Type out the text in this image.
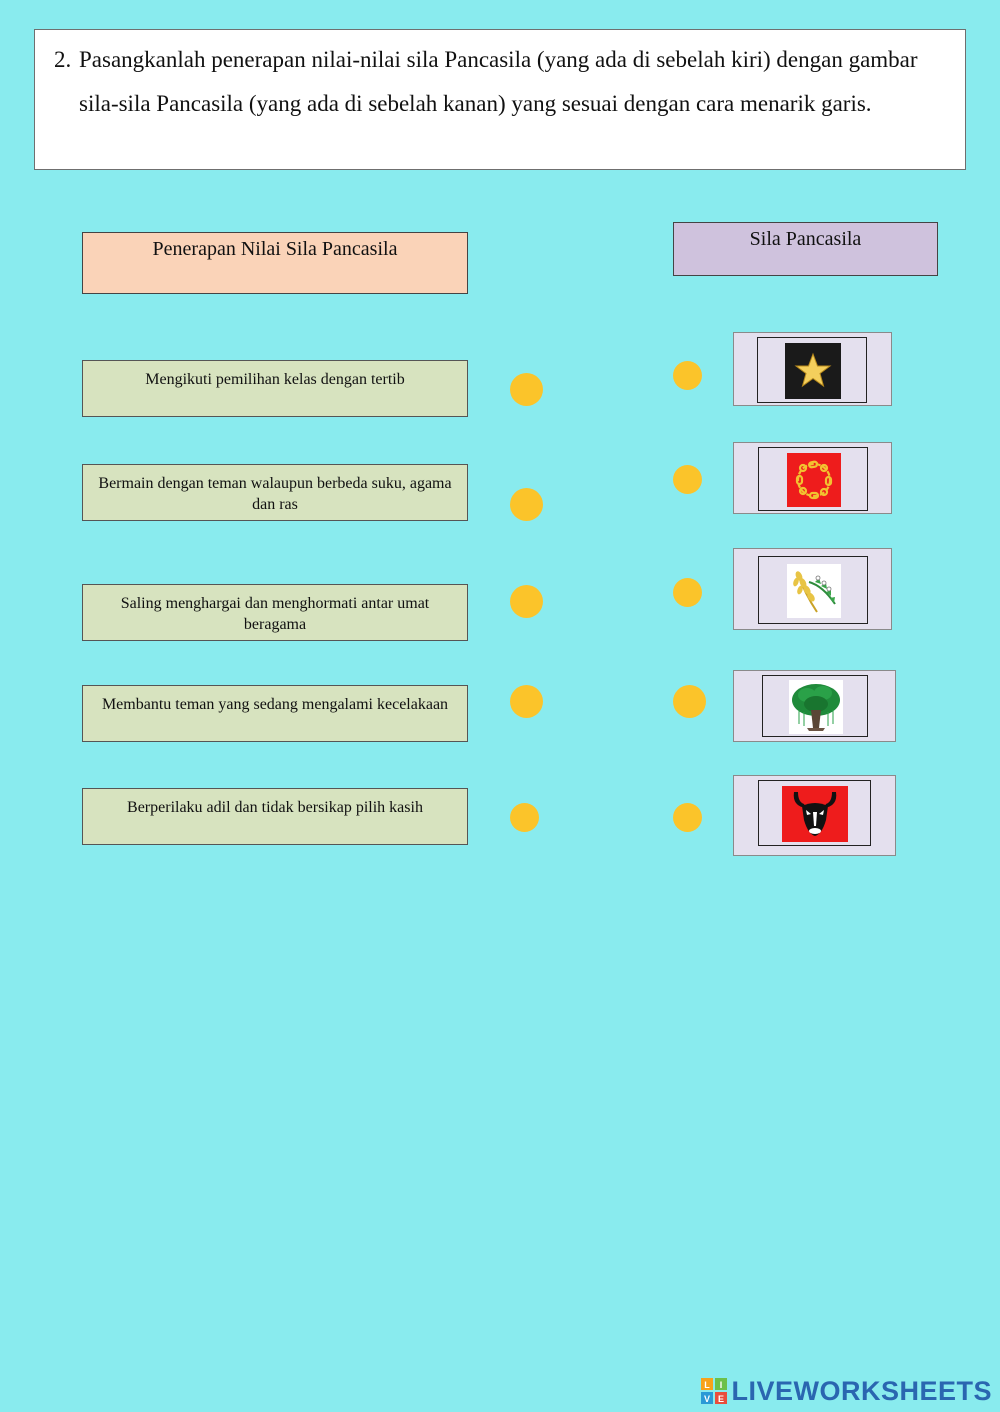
2. Pasangkanlah penerapan nilai-nilai sila Pancasila (yang ada di sebelah kiri) dengan gambar sila-sila Pancasila (yang ada di sebelah kanan) yang sesuai dengan cara menarik garis.
Penerapan Nilai Sila Pancasila	Sila Pancasila
Mengikuti pemilihan kelas dengan tertib
Bermain dengan teman walaupun berbeda suku, agama dan ras
Saling menghargai dan menghormati antar umat beragama
Membantu teman yang sedang mengalami kecelakaan
Berperilaku adil dan tidak bersikap pilih kasih
L I
V E LIVEWORKSHEETS
